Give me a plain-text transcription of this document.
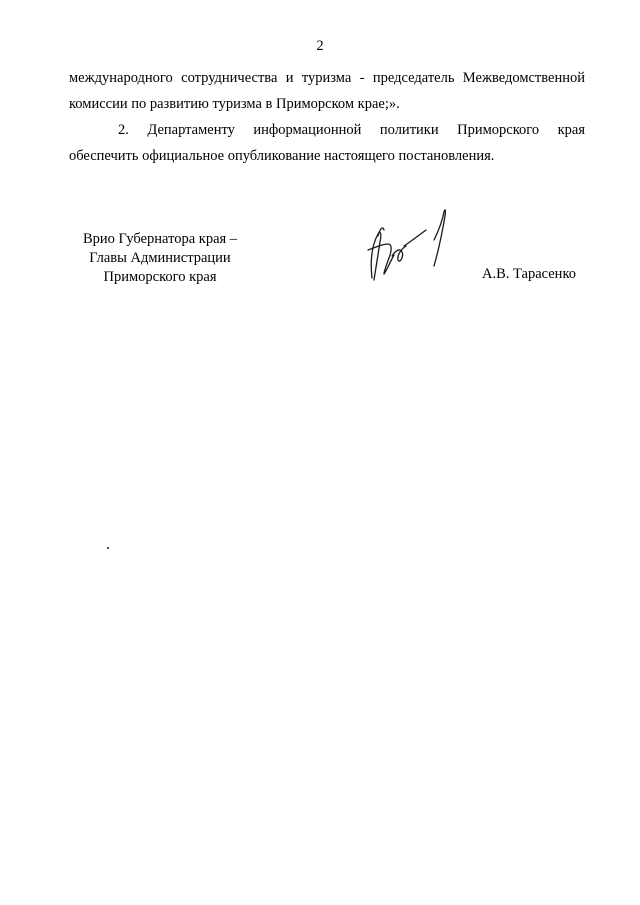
2
международного сотрудничества и туризма - председатель Межведомственной
комиссии по развитию туризма в Приморском крае;».
2. Департаменту информационной политики Приморского края
обеспечить официальное опубликование настоящего постановления.
Врио Губернатора края –
Главы Администрации
Приморского края	А.В. Тарасенко
